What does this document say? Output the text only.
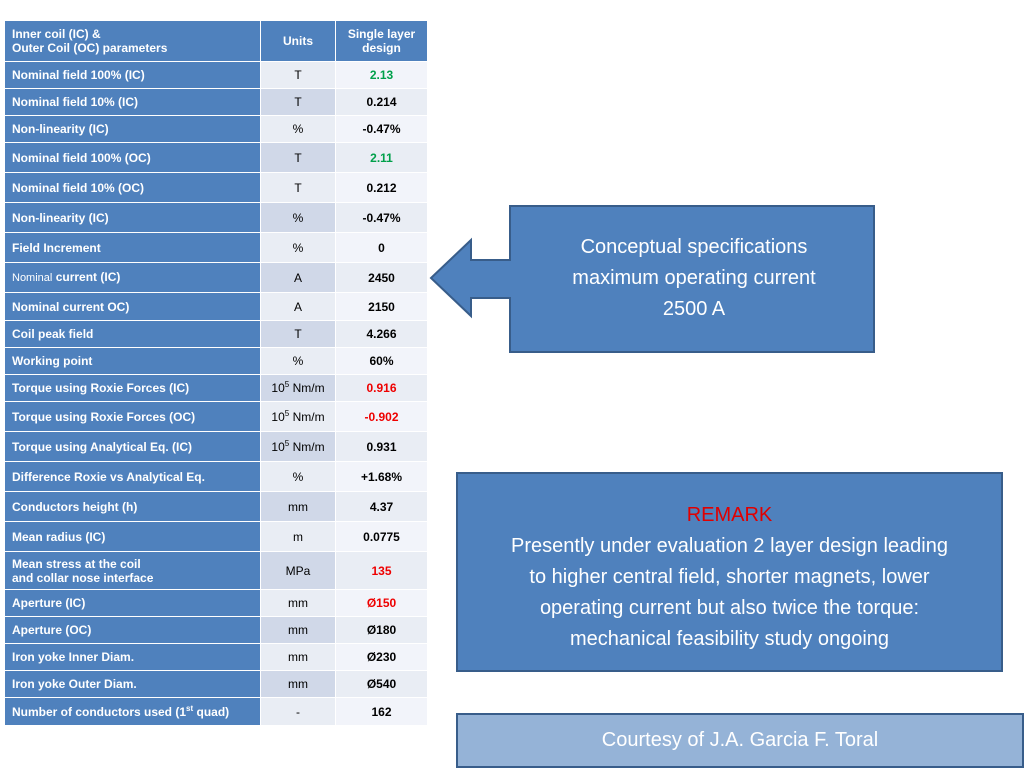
Inner coil (IC) &
Outer Coil (OC) parameters	Units	Single layer
design
Nominal field 100% (IC)	T	2.13
Nominal field 10% (IC)	T	0.214
Non-linearity (IC)	%	-0.47%
Nominal field 100% (OC)	T	2.11
Nominal field 10% (OC)	T	0.212
Non-linearity (IC)	%	-0.47%
Field Increment	%	0
Nominal current (IC)	A	2450
Nominal current OC)	A	2150
Coil peak field	T	4.266
Working point	%	60%
Torque using Roxie Forces (IC)	$10^5$ Nm/m	0.916
Torque using Roxie Forces (OC)	$10^5$ Nm/m	-0.902
Torque using Analytical Eq. (IC)	$10^5$ Nm/m	0.931
Difference Roxie vs Analytical Eq.	%	+1.68%
Conductors height (h)	mm	4.37
Mean radius (IC)	m	0.0775
Mean stress at the coil
and collar nose interface	MPa	135
Aperture (IC)	mm	Ø150
Aperture (OC)	mm	Ø180
Iron yoke Inner Diam.	mm	Ø230
Iron yoke Outer Diam.	mm	Ø540
Number of conductors used (1st quad)	-	162
Conceptual specifications
maximum operating current
2500 A
REMARK
Presently under evaluation 2 layer design leading
to higher central field, shorter magnets, lower
operating current but also twice the torque:
mechanical feasibility study ongoing
Courtesy of J.A. Garcia F. Toral
